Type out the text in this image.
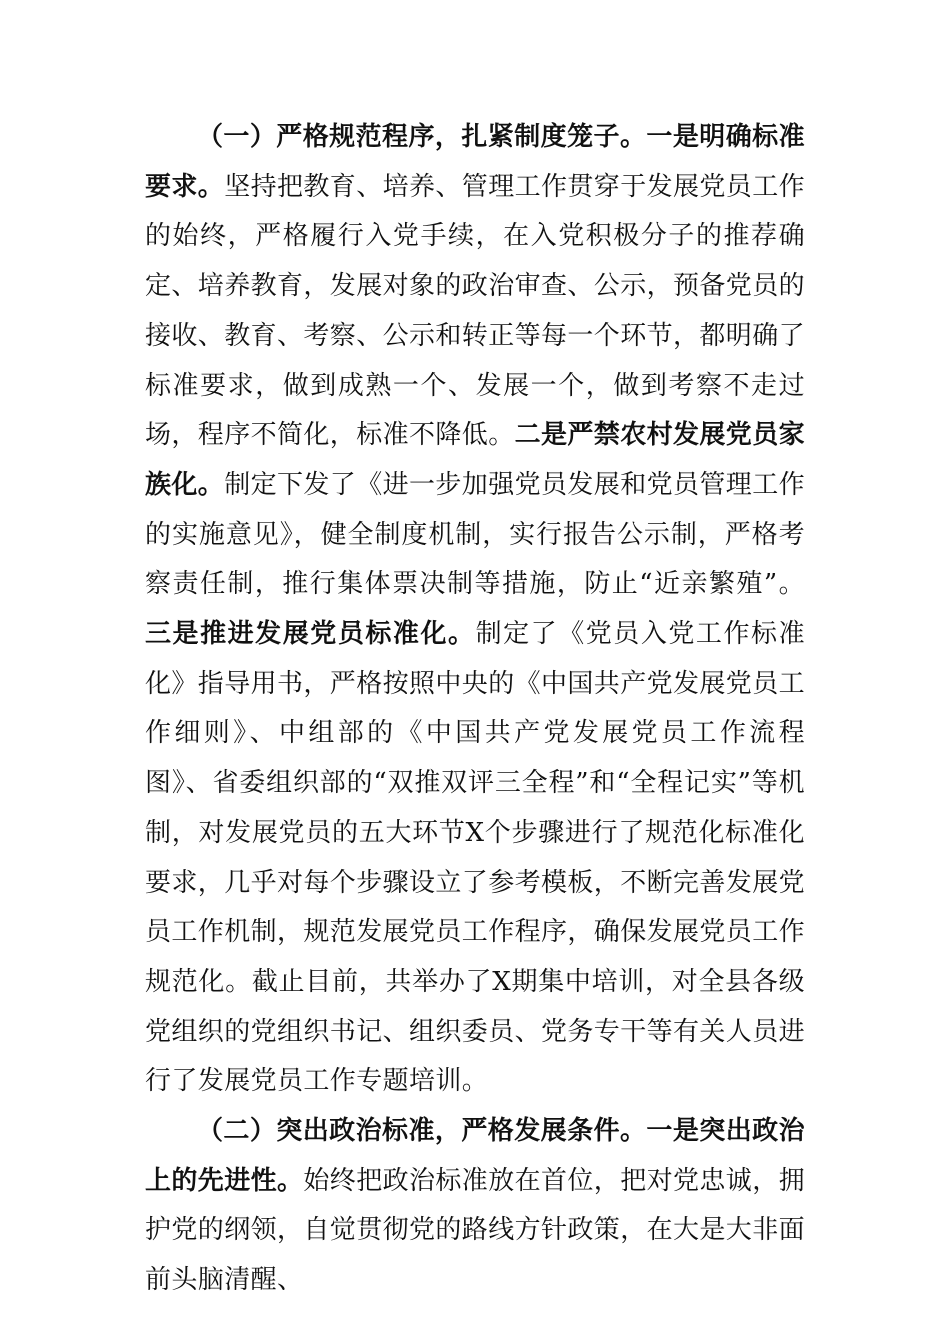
（一）严格规范程序，扎紧制度笼子。一是明确标准要求。坚持把教育、培养、管理工作贯穿于发展党员工作的始终，严格履行入党手续，在入党积极分子的推荐确定、培养教育，发展对象的政治审查、公示，预备党员的接收、教育、考察、公示和转正等每一个环节，都明确了标准要求，做到成熟一个、发展一个，做到考察不走过场，程序不简化，标准不降低。二是严禁农村发展党员家族化。制定下发了《进一步加强党员发展和党员管理工作的实施意见》，健全制度机制，实行报告公示制，严格考察责任制，推行集体票决制等措施，防止“近亲繁殖”。三是推进发展党员标准化。制定了《党员入党工作标准化》指导用书，严格按照中央的《中国共产党发展党员工作细则》、中组部的《中国共产党发展党员工作流程图》、省委组织部的“双推双评三全程”和“全程记实”等机制，对发展党员的五大环节X个步骤进行了规范化标准化要求，几乎对每个步骤设立了参考模板，不断完善发展党员工作机制，规范发展党员工作程序，确保发展党员工作规范化。截止目前，共举办了X期集中培训，对全县各级党组织的党组织书记、组织委员、党务专干等有关人员进行了发展党员工作专题培训。

（二）突出政治标准，严格发展条件。一是突出政治上的先进性。始终把政治标准放在首位，把对党忠诚，拥护党的纲领，自觉贯彻党的路线方针政策，在大是大非面前头脑清醒、
